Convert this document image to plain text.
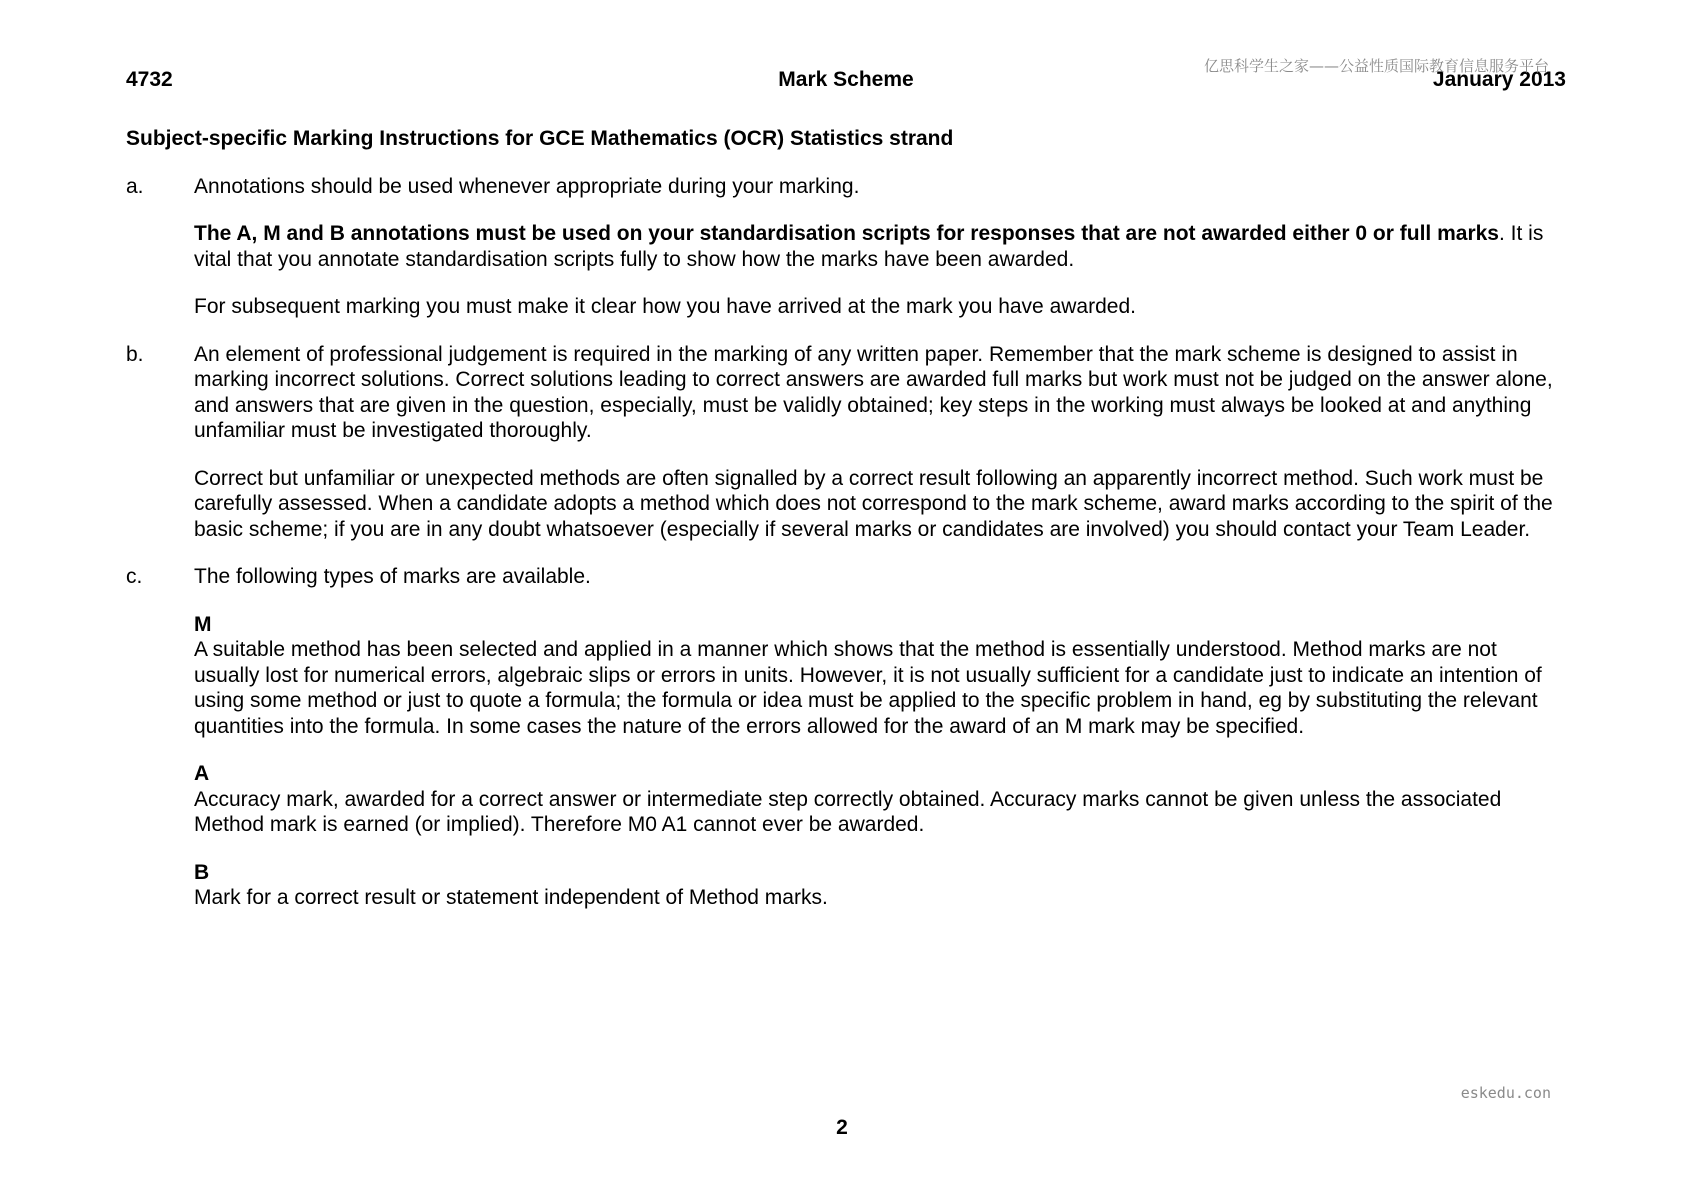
4732	Mark Scheme	January 2013
亿思科学生之家——公益性质国际教育信息服务平台
Subject-specific Marking Instructions for GCE Mathematics (OCR) Statistics strand
a. Annotations should be used whenever appropriate during your marking.
The A, M and B annotations must be used on your standardisation scripts for responses that are not awarded either 0 or full marks. It is vital that you annotate standardisation scripts fully to show how the marks have been awarded.
For subsequent marking you must make it clear how you have arrived at the mark you have awarded.
b. An element of professional judgement is required in the marking of any written paper. Remember that the mark scheme is designed to assist in marking incorrect solutions. Correct solutions leading to correct answers are awarded full marks but work must not be judged on the answer alone, and answers that are given in the question, especially, must be validly obtained; key steps in the working must always be looked at and anything unfamiliar must be investigated thoroughly.
Correct but unfamiliar or unexpected methods are often signalled by a correct result following an apparently incorrect method. Such work must be carefully assessed. When a candidate adopts a method which does not correspond to the mark scheme, award marks according to the spirit of the basic scheme; if you are in any doubt whatsoever (especially if several marks or candidates are involved) you should contact your Team Leader.
c. The following types of marks are available.
M
A suitable method has been selected and applied in a manner which shows that the method is essentially understood. Method marks are not usually lost for numerical errors, algebraic slips or errors in units. However, it is not usually sufficient for a candidate just to indicate an intention of using some method or just to quote a formula; the formula or idea must be applied to the specific problem in hand, eg by substituting the relevant quantities into the formula. In some cases the nature of the errors allowed for the award of an M mark may be specified.
A
Accuracy mark, awarded for a correct answer or intermediate step correctly obtained. Accuracy marks cannot be given unless the associated Method mark is earned (or implied). Therefore M0 A1 cannot ever be awarded.
B
Mark for a correct result or statement independent of Method marks.
eskedu.con
2
